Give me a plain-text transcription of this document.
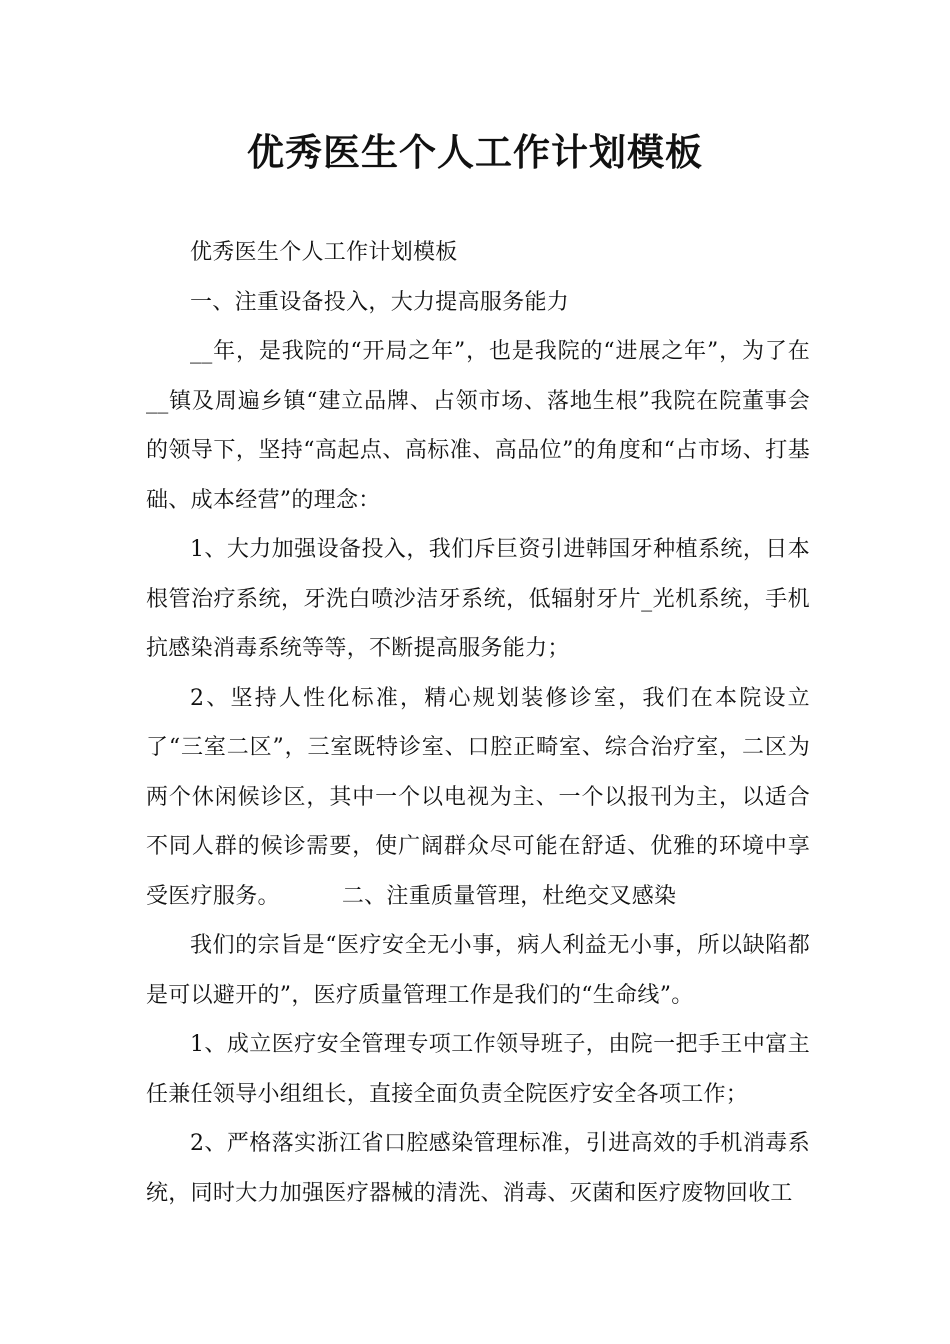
优秀医生个人工作计划模板

优秀医生个人工作计划模板

一、注重设备投入，大力提高服务能力

__年，是我院的“开局之年”，也是我院的“进展之年”，为了在__镇及周遍乡镇“建立品牌、占领市场、落地生根”我院在院董事会的领导下，坚持“高起点、高标准、高品位”的角度和“占市场、打基础、成本经营”的理念：

1、大力加强设备投入，我们斥巨资引进韩国牙种植系统，日本根管治疗系统，牙洗白喷沙洁牙系统，低辐射牙片_光机系统，手机抗感染消毒系统等等，不断提高服务能力；

2、坚持人性化标准，精心规划装修诊室，我们在本院设立了“三室二区”，三室既特诊室、口腔正畸室、综合治疗室，二区为两个休闲候诊区，其中一个以电视为主、一个以报刊为主，以适合不同人群的候诊需要，使广阔群众尽可能在舒适、优雅的环境中享受医疗服务。	二、注重质量管理，杜绝交叉感染

我们的宗旨是“医疗安全无小事，病人利益无小事，所以缺陷都是可以避开的”，医疗质量管理工作是我们的“生命线”。

1、成立医疗安全管理专项工作领导班子，由院一把手王中富主任兼任领导小组组长，直接全面负责全院医疗安全各项工作；

2、严格落实浙江省口腔感染管理标准，引进高效的手机消毒系统，同时大力加强医疗器械的清洗、消毒、灭菌和医疗废物回收工
